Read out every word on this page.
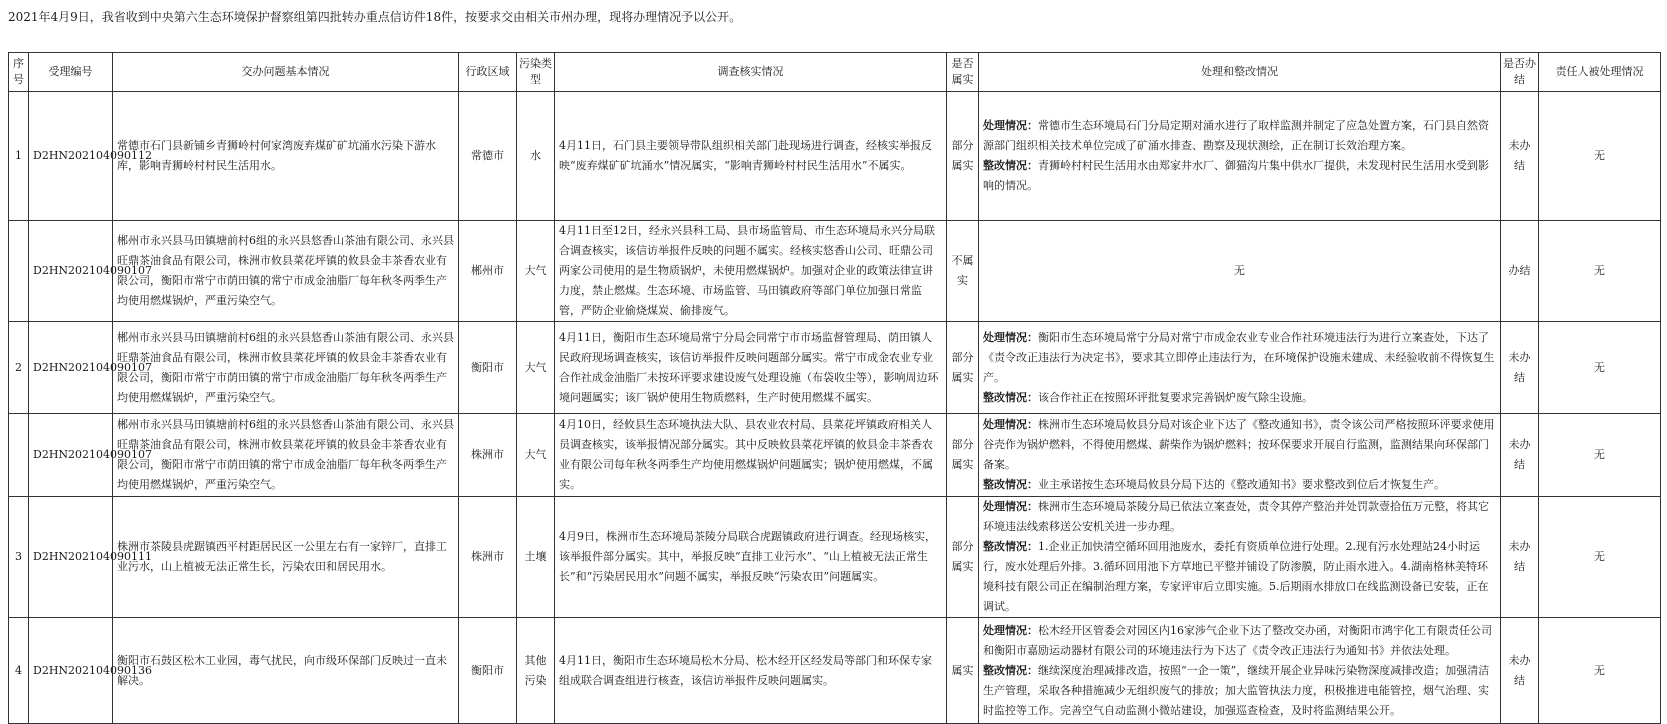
2021年4月9日，我省收到中央第六生态环境保护督察组第四批转办重点信访件18件，按要求交由相关市州办理，现将办理情况予以公开。
序号	受理编号	交办问题基本情况	行政区域	污染类型	调查核实情况	是否属实	处理和整改情况	是否办结	责任人被处理情况
1	D2HN202104090112	常德市石门县新铺乡青狮岭村何家湾废弃煤矿矿坑涌水污染下游水库，影响青狮岭村村民生活用水。	常德市	水	4月11日，石门县主要领导带队组织相关部门赴现场进行调查，经核实举报反映“废弃煤矿矿坑涌水”情况属实，“影响青狮岭村村民生活用水”不属实。	部分属实	处理情况：常德市生态环境局石门分局定期对涌水进行了取样监测并制定了应急处置方案，石门县自然资源部门组织相关技术单位完成了矿涌水排查、勘察及现状测绘，正在制订长效治理方案。
整改情况：青狮岭村村民生活用水由郑家井水厂、御猫沟片集中供水厂提供，未发现村民生活用水受到影响的情况。	未办结	无
	D2HN202104090107	郴州市永兴县马田镇塘前村6组的永兴县悠香山茶油有限公司、永兴县旺鼎茶油食品有限公司，株洲市攸县菜花坪镇的攸县金丰茶香农业有限公司，衡阳市常宁市荫田镇的常宁市成金油脂厂每年秋冬两季生产均使用燃煤锅炉，严重污染空气。	郴州市	大气	4月11日至12日，经永兴县科工局、县市场监管局、市生态环境局永兴分局联合调查核实，该信访举报件反映的问题不属实。经核实悠香山公司、旺鼎公司两家公司使用的是生物质锅炉，未使用燃煤锅炉。加强对企业的政策法律宣讲力度，禁止燃煤。生态环境、市场监管、马田镇政府等部门单位加强日常监管，严防企业偷烧煤炭、偷排废气。	不属实	无	办结	无
2	D2HN202104090107	郴州市永兴县马田镇塘前村6组的永兴县悠香山茶油有限公司、永兴县旺鼎茶油食品有限公司，株洲市攸县菜花坪镇的攸县金丰茶香农业有限公司，衡阳市常宁市荫田镇的常宁市成金油脂厂每年秋冬两季生产均使用燃煤锅炉，严重污染空气。	衡阳市	大气	4月11日，衡阳市生态环境局常宁分局会同常宁市市场监督管理局、荫田镇人民政府现场调查核实，该信访举报件反映问题部分属实。常宁市成金农业专业合作社成金油脂厂未按环评要求建设废气处理设施（布袋收尘等），影响周边环境问题属实；该厂锅炉使用生物质燃料，生产时使用燃煤不属实。	部分属实	处理情况：衡阳市生态环境局常宁分局对常宁市成金农业专业合作社环境违法行为进行立案查处，下达了《责令改正违法行为决定书》，要求其立即停止违法行为，在环境保护设施未建成、未经验收前不得恢复生产。
整改情况：该合作社正在按照环评批复要求完善锅炉废气除尘设施。	未办结	无
	D2HN202104090107	郴州市永兴县马田镇塘前村6组的永兴县悠香山茶油有限公司、永兴县旺鼎茶油食品有限公司，株洲市攸县菜花坪镇的攸县金丰茶香农业有限公司，衡阳市常宁市荫田镇的常宁市成金油脂厂每年秋冬两季生产均使用燃煤锅炉，严重污染空气。	株洲市	大气	4月10日，经攸县生态环境执法大队、县农业农村局、县菜花坪镇政府相关人员调查核实，该举报情况部分属实。其中反映攸县菜花坪镇的攸县金丰茶香农业有限公司每年秋冬两季生产均使用燃煤锅炉问题属实；锅炉使用燃煤，不属实。	部分属实	处理情况：株洲市生态环境局攸县分局对该企业下达了《整改通知书》，责令该公司严格按照环评要求使用谷壳作为锅炉燃料，不得使用燃煤、薪柴作为锅炉燃料；按环保要求开展自行监测，监测结果向环保部门备案。
整改情况：业主承诺按生态环境局攸县分局下达的《整改通知书》要求整改到位后才恢复生产。	未办结	无
3	D2HN202104090111	株洲市茶陵县虎踞镇西平村距居民区一公里左右有一家锌厂，直排工业污水，山上植被无法正常生长，污染农田和居民用水。	株洲市	土壤	4月9日，株洲市生态环境局茶陵分局联合虎踞镇政府进行调查。经现场核实，该举报件部分属实。其中，举报反映“直排工业污水”、“山上植被无法正常生长”和“污染居民用水”问题不属实，举报反映“污染农田”问题属实。	部分属实	处理情况：株洲市生态环境局茶陵分局已依法立案查处，责令其停产整治并处罚款壹拾伍万元整，将其它环境违法线索移送公安机关进一步办理。
整改情况：1.企业正加快清空循环回用池废水，委托有资质单位进行处理。2.现有污水处理站24小时运行，废水处理后外排。3.循环回用池下方草地已平整并铺设了防渗膜，防止雨水进入。4.湖南格林美特环境科技有限公司正在编制治理方案，专家评审后立即实施。5.后期雨水排放口在线监测设备已安装，正在调试。	未办结	无
4	D2HN202104090136	衡阳市石鼓区松木工业园，毒气扰民，向市级环保部门反映过一直未解决。	衡阳市	其他污染	4月11日，衡阳市生态环境局松木分局、松木经开区经发局等部门和环保专家组成联合调查组进行核查，该信访举报件反映问题属实。	属实	处理情况：松木经开区管委会对园区内16家涉气企业下达了整改交办函，对衡阳市鸿宇化工有限责任公司和衡阳市嘉励运动器材有限公司的环境违法行为下达了《责令改正违法行为通知书》并依法处理。
整改情况：继续深度治理减排改造，按照“一企一策”，继续开展企业异味污染物深度减排改造；加强清洁生产管理，采取各种措施减少无组织废气的排放；加大监管执法力度，积极推进电能管控，烟气治理、实时监控等工作。完善空气自动监测小微站建设，加强巡查检查，及时将监测结果公开。	未办结	无
